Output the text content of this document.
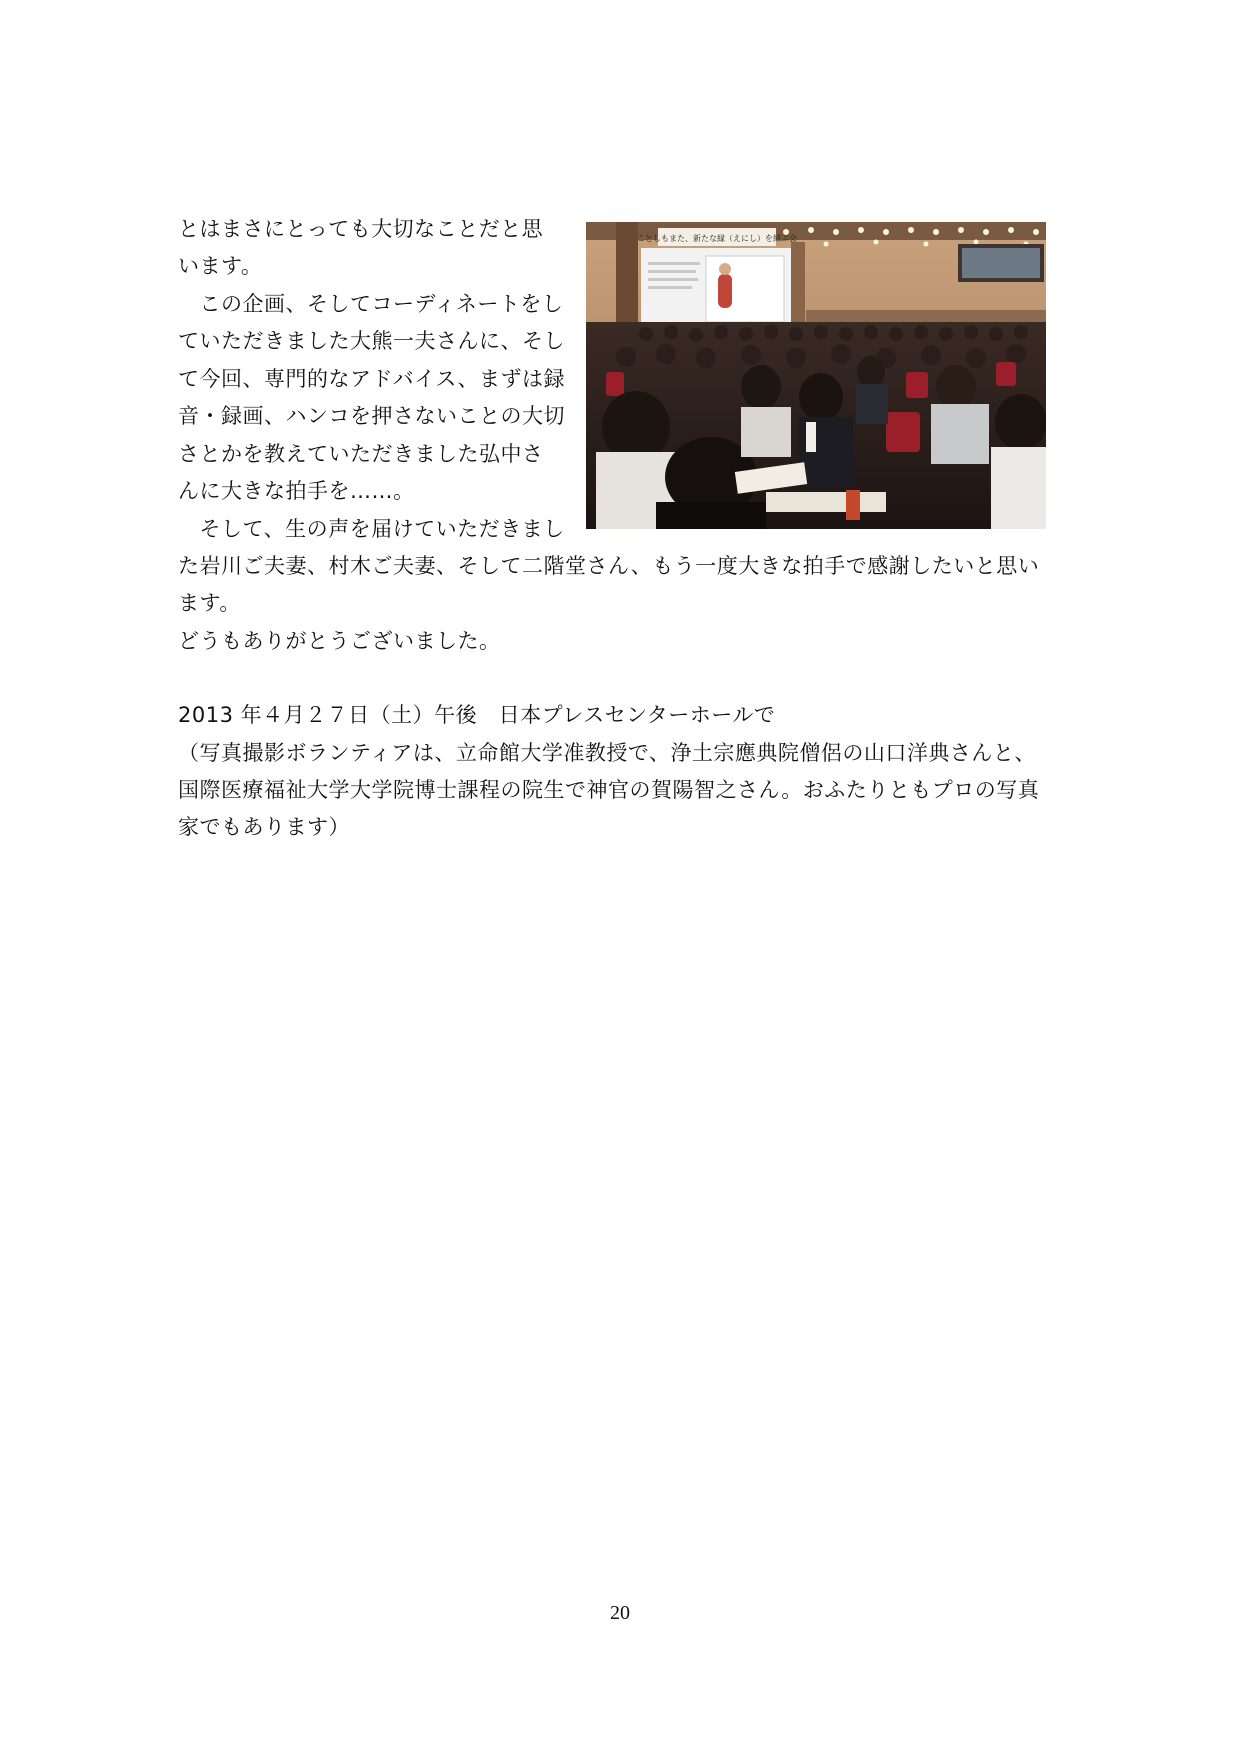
とはまさにとっても大切なことだと思
います。
　この企画、そしてコーディネートをし
ていただきました大熊一夫さんに、そし
て今回、専門的なアドバイス、まずは録
音・録画、ハンコを押さないことの大切
さとかを教えていただきました弘中さ
んに大きな拍手を……。
　そして、生の声を届けていただきまし
た岩川ご夫妻、村木ご夫妻、そして二階堂さん、もう一度大きな拍手で感謝したいと思い
ます。
どうもありがとうございました。
2013 年４月２７日（土）午後　日本プレスセンターホールで
（写真撮影ボランティアは、立命館大学准教授で、浄土宗應典院僧侶の山口洋典さんと、
国際医療福祉大学大学院博士課程の院生で神官の賀陽智之さん。おふたりともプロの写真
家でもあります）
ことしもまた、新たな縁（えにし）を結ぶ会
20
